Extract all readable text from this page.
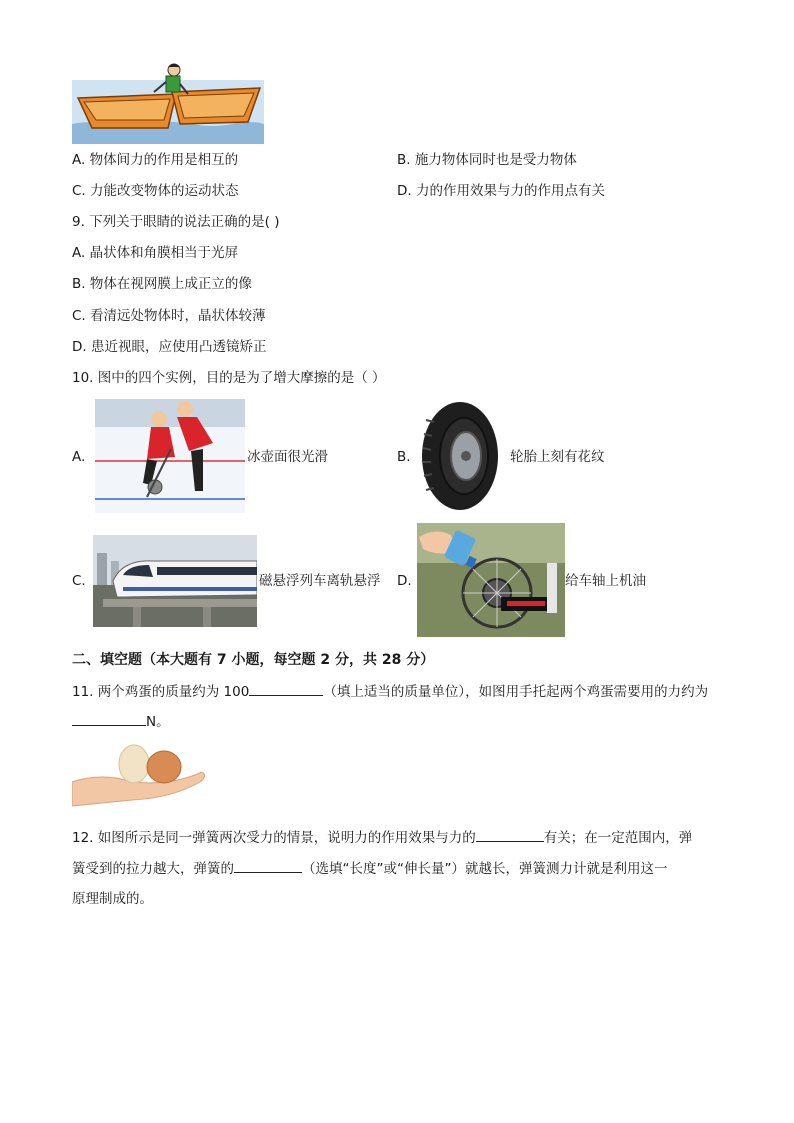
A. 物体间力的作用是相互的	B. 施力物体同时也是受力物体
C. 力能改变物体的运动状态	D. 力的作用效果与力的作用点有关
9. 下列关于眼睛的说法正确的是( )
A. 晶状体和角膜相当于光屏
B. 物体在视网膜上成正立的像
C. 看清远处物体时，晶状体较薄
D. 患近视眼，应使用凸透镜矫正
10. 图中的四个实例，目的是为了增大摩擦的是（ ）
A.	冰壶面很光滑	B.	轮胎上刻有花纹
C.	磁悬浮列车离轨悬浮 D.	给车轴上机油
二、填空题（本大题有 7 小题，每空题 2 分，共 28 分）
11. 两个鸡蛋的质量约为 100	（填上适当的质量单位），如图用手托起两个鸡蛋需要用的力约为
N。
12. 如图所示是同一弹簧两次受力的情景，说明力的作用效果与力的	有关；在一定范围内，弹
簧受到的拉力越大，弹簧的	（选填“长度”或“伸长量”）就越长，弹簧测力计就是利用这一
原理制成的。
